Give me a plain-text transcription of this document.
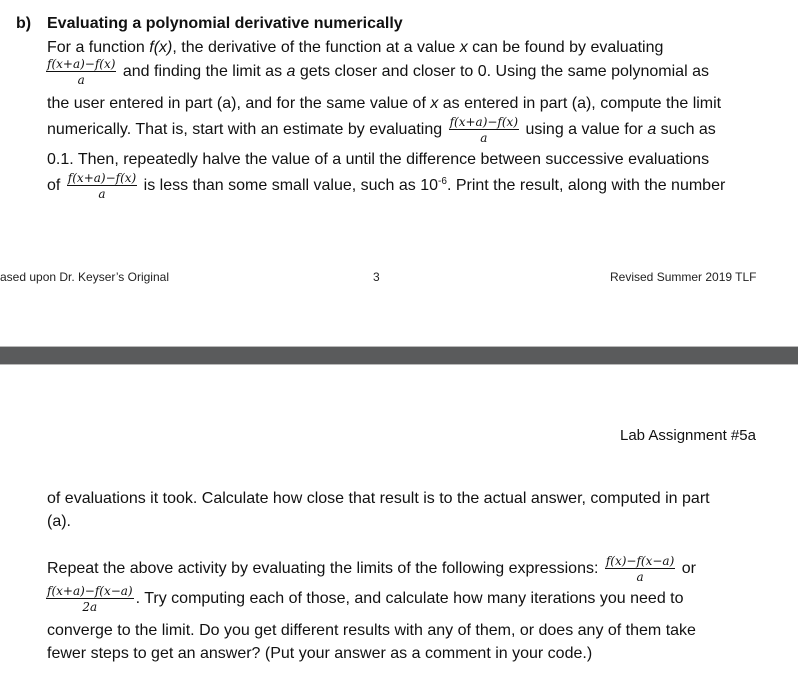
b) Evaluating a polynomial derivative numerically
For a function f(x), the derivative of the function at a value x can be found by evaluating
$\frac{f(x+a)-f(x)}{a}$ and finding the limit as a gets closer and closer to 0. Using the same polynomial as
the user entered in part (a), and for the same value of x as entered in part (a), compute the limit
numerically. That is, start with an estimate by evaluating $\frac{f(x+a)-f(x)}{a}$ using a value for a such as
0.1. Then, repeatedly halve the value of a until the difference between successive evaluations
of $\frac{f(x+a)-f(x)}{a}$ is less than some small value, such as $10^{-6}$. Print the result, along with the number
ased upon Dr. Keyser’s Original	3	Revised Summer 2019 TLF
Lab Assignment #5a
of evaluations it took. Calculate how close that result is to the actual answer, computed in part
(a).
Repeat the above activity by evaluating the limits of the following expressions: $\frac{f(x)-f(x-a)}{a}$ or
$\frac{f(x+a)-f(x-a)}{2a}$ . Try computing each of those, and calculate how many iterations you need to
converge to the limit. Do you get different results with any of them, or does any of them take
fewer steps to get an answer? (Put your answer as a comment in your code.)
